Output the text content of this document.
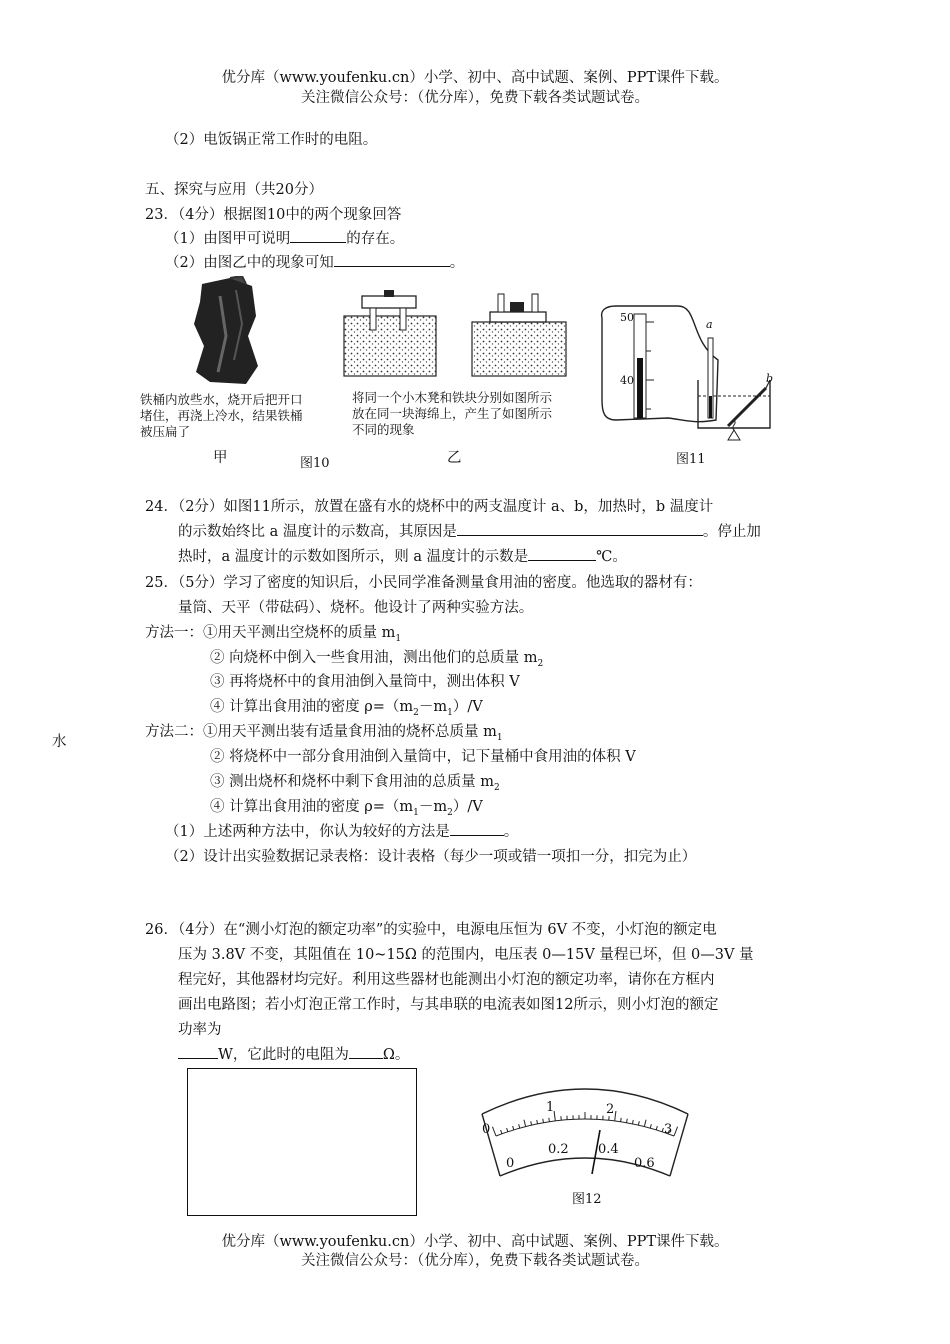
优分库（www.youfenku.cn）小学、初中、高中试题、案例、PPT课件下载。
关注微信公众号：（优分库），免费下载各类试题试卷。
（2）电饭锅正常工作时的电阻。
五、探究与应用（共20分）
23．（4分）根据图10中的两个现象回答
（1）由图甲可说明	的存在。
（2）由图乙中的现象可知	。
铁桶内放些水，烧开后把开口堵住，再浇上冷水，结果铁桶被压扁了
甲	图10
将同一个小木凳和铁块分别如图所示放在同一块海绵上，产生了如图所示不同的现象
乙
50
40
a
b
图11
24．（2分）如图11所示，放置在盛有水的烧杯中的两支温度计 a、b，加热时，b 温度计
的示数始终比 a 温度计的示数高，其原因是	。停止加
热时，a 温度计的示数如图所示，则 a 温度计的示数是	℃。
25．（5分）学习了密度的知识后，小民同学准备测量食用油的密度。他选取的器材有：
量筒、天平（带砝码）、烧杯。他设计了两种实验方法。
方法一：①用天平测出空烧杯的质量 $m_1$
② 向烧杯中倒入一些食用油，测出他们的总质量 $m_2$
③ 再将烧杯中的食用油倒入量筒中，测出体积 V
④ 计算出食用油的密度 $\rho=(m_2-m_1)/V$
水
方法二：①用天平测出装有适量食用油的烧杯总质量 $m_1$
② 将烧杯中一部分食用油倒入量筒中，记下量桶中食用油的体积 V
③ 测出烧杯和烧杯中剩下食用油的总质量 $m_2$
④ 计算出食用油的密度 $\rho=(m_1-m_2)/V$
（1）上述两种方法中，你认为较好的方法是	。
（2）设计出实验数据记录表格：设计表格（每少一项或错一项扣一分，扣完为止）
26．（4分）在“测小灯泡的额定功率”的实验中，电源电压恒为 6V 不变，小灯泡的额定电
压为 3.8V 不变，其阻值在 10~15Ω 的范围内，电压表 0—15V 量程已坏，但 0—3V 量
程完好，其他器材均完好。利用这些器材也能测出小灯泡的额定功率，请你在方框内
画出电路图；若小灯泡正常工作时，与其串联的电流表如图12所示，则小灯泡的额定
功率为
W，它此时的电阻为 Ω。
0
1	2
3
0
0.2 0.4
0.6
图12
优分库（www.youfenku.cn）小学、初中、高中试题、案例、PPT课件下载。
关注微信公众号：（优分库），免费下载各类试题试卷。
